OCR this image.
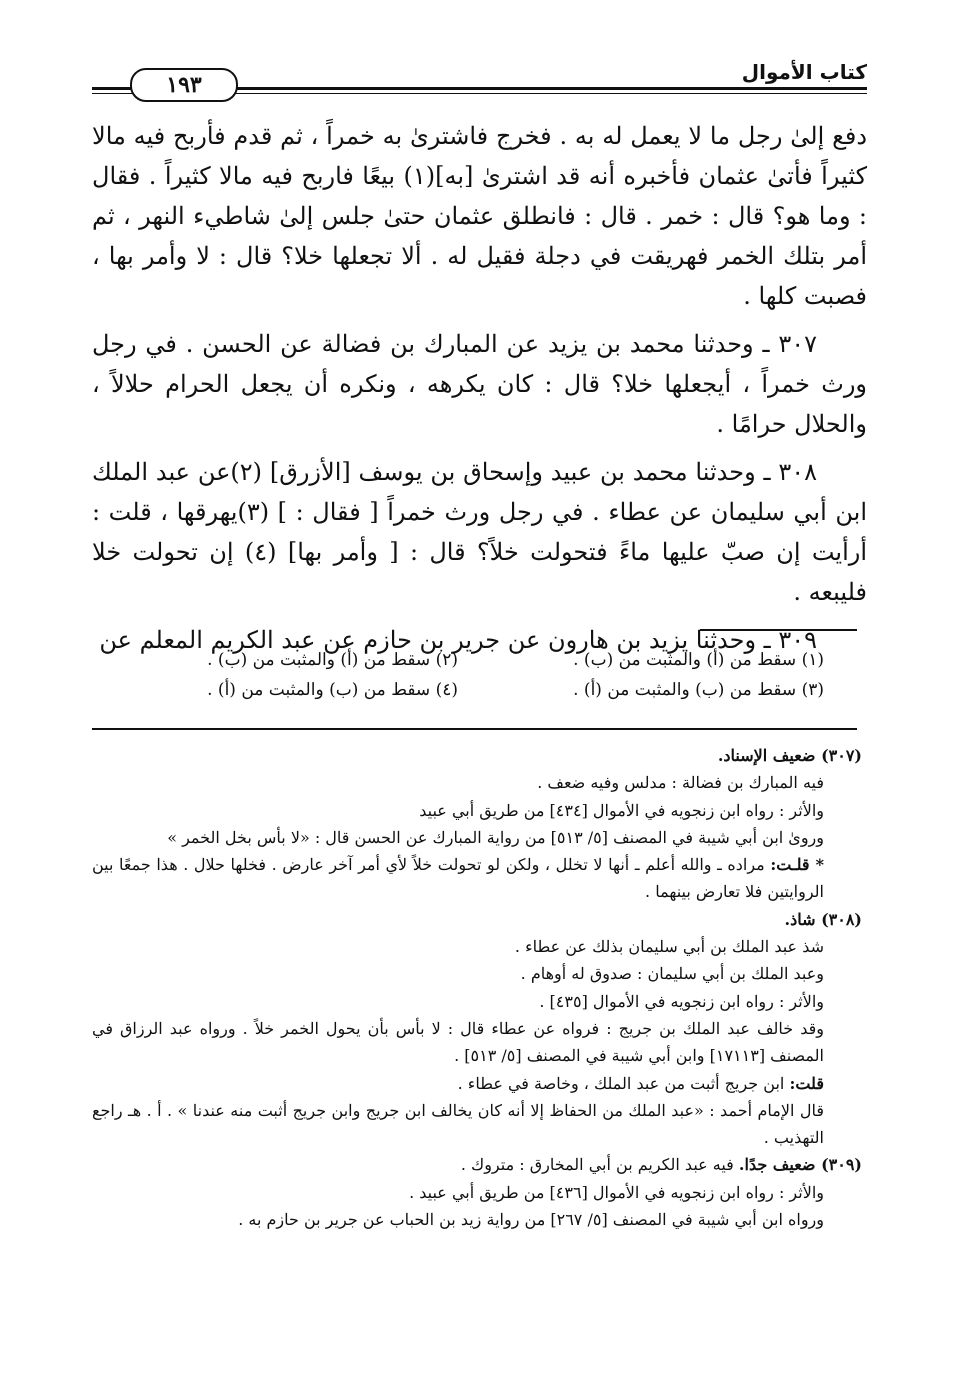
كتاب الأموال
١٩٣

دفع إلىٰ رجل ما لا يعمل له به . فخرج فاشترىٰ به خمراً ، ثم قدم فأربح فيه مالا كثيراً فأتىٰ عثمان فأخبره أنه قد اشترىٰ [به](١) بيعًا فاربح فيه مالا كثيراً . فقال : وما هو؟ قال : خمر . قال : فانطلق عثمان حتىٰ جلس إلىٰ شاطيء النهر ، ثم أمر بتلك الخمر فهريقت في دجلة فقيل له . ألا تجعلها خلا؟ قال : لا وأمر بها ، فصبت كلها .

٣٠٧ ـ وحدثنا محمد بن يزيد عن المبارك بن فضالة عن الحسن . في رجل ورث خمراً ، أيجعلها خلا؟ قال : كان يكرهه ، ونكره أن يجعل الحرام حلالاً ، والحلال حرامًا .

٣٠٨ ـ وحدثنا محمد بن عبيد وإسحاق بن يوسف [الأزرق] (٢)عن عبد الملك ابن أبي سليمان عن عطاء . في رجل ورث خمراً [ فقال : ] (٣)يهرقها ، قلت : أرأيت إن صبّ عليها ماءً فتحولت خلاً؟ قال : [ وأمر بها] (٤) إن تحولت خلا فليبعه .

٣٠٩ ـ وحدثنا يزيد بن هارون عن جرير بن حازم عن عبد الكريم المعلم عن

(١) سقط من (أ) والمثبت من (ب) .
(٢) سقط من (أ) والمثبت من (ب) .
(٣) سقط من (ب) والمثبت من (أ) .
(٤) سقط من (ب) والمثبت من (أ) .

(٣٠٧) ضعيف الإسناد.

فيه المبارك بن فضالة : مدلس وفيه ضعف .

والأثر : رواه ابن زنجويه في الأموال [٤٣٤] من طريق أبي عبيد

ورویٰ ابن أبي شيبة في المصنف [٥/ ٥١٣] من رواية المبارك عن الحسن قال : «لا بأس بخل الخمر »

* قلـت: مراده ـ والله أعلم ـ أنها لا تخلل ، ولكن لو تحولت خلاً لأي أمر آخر عارض . فخلها حلال . هذا جمعًا بين الروايتين فلا تعارض بينهما .

(٣٠٨) شاذ.

شذ عبد الملك بن أبي سليمان بذلك عن عطاء .

وعبد الملك بن أبي سليمان : صدوق له أوهام .

والأثر : رواه ابن زنجويه في الأموال [٤٣٥] .

وقد خالف عبد الملك بن جريج : فرواه عن عطاء قال : لا بأس بأن يحول الخمر خلاً . ورواه عبد الرزاق في المصنف [١٧١١٣] وابن أبي شيبة في المصنف [٥/ ٥١٣] .

قلت: ابن جريج أثبت من عبد الملك ، وخاصة في عطاء .

قال الإمام أحمد : «عبد الملك من الحفاظ إلا أنه كان يخالف ابن جريج وابن جريج أثبت منه عندنا » . أ . هـ راجع التهذيب .

(٣٠٩) ضعيف جدًا. فيه عبد الكريم بن أبي المخارق : متروك .

والأثر : رواه ابن زنجويه في الأموال [٤٣٦] من طريق أبي عبيد .

ورواه ابن أبي شيبة في المصنف [٥/ ٢٦٧] من رواية زيد بن الحباب عن جرير بن حازم به .
